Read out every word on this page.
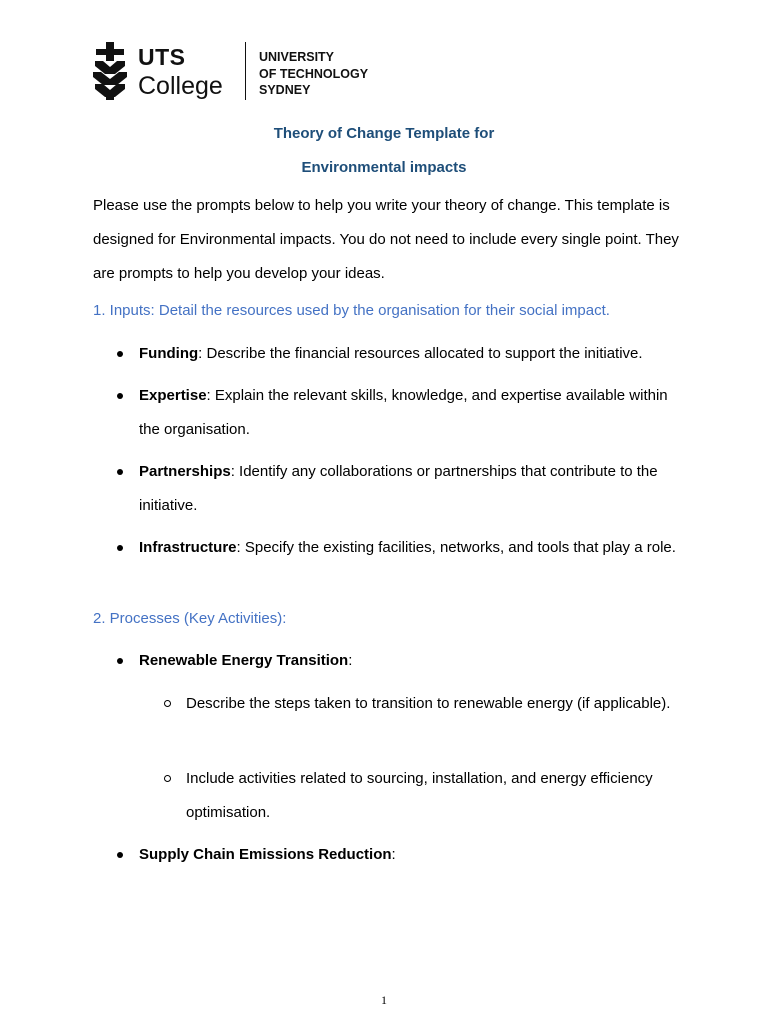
UTS
College
UNIVERSITY
OF TECHNOLOGY
SYDNEY
Theory of Change Template for
Environmental impacts
Please use the prompts below to help you write your theory of change. This template is designed for Environmental impacts. You do not need to include every single point. They are prompts to help you develop your ideas.
1. Inputs: Detail the resources used by the organisation for their social impact.
Funding: Describe the financial resources allocated to support the initiative.
Expertise: Explain the relevant skills, knowledge, and expertise available within the organisation.
Partnerships: Identify any collaborations or partnerships that contribute to the initiative.
Infrastructure: Specify the existing facilities, networks, and tools that play a role.
2. Processes (Key Activities):
Renewable Energy Transition:
Describe the steps taken to transition to renewable energy (if applicable).
Include activities related to sourcing, installation, and energy efficiency optimisation.
Supply Chain Emissions Reduction:
1
